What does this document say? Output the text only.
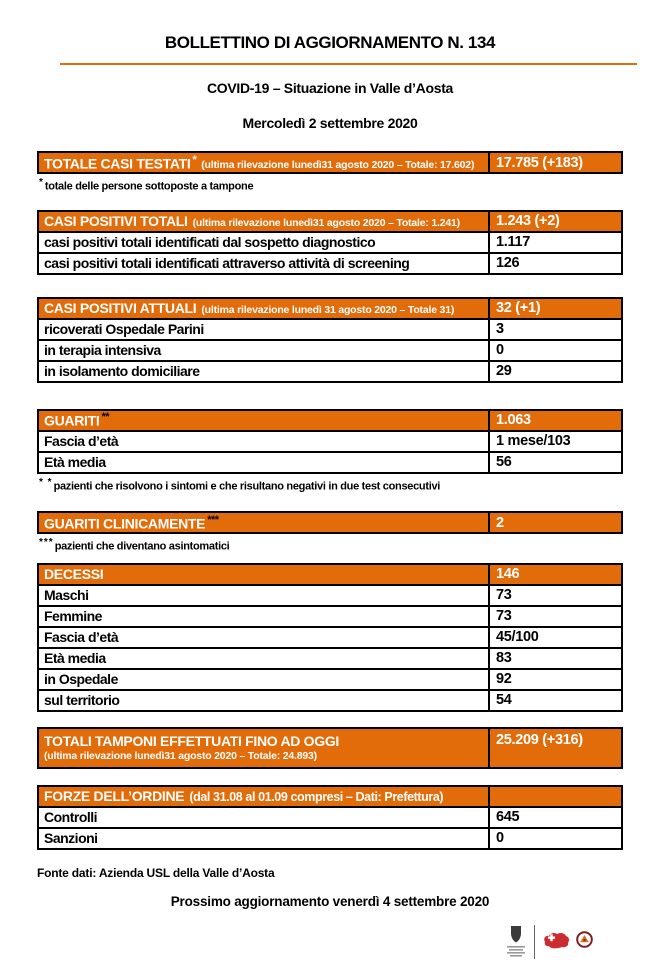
BOLLETTINO DI AGGIORNAMENTO N. 134
COVID-19 – Situazione in Valle d’Aosta
Mercoledì 2 settembre 2020
TOTALE CASI TESTATI * (ultima rilevazione lunedì31 agosto 2020 – Totale: 17.602)	17.785 (+183)
*totale delle persone sottoposte a tampone
CASI POSITIVI TOTALI (ultima rilevazione lunedì31 agosto 2020 – Totale: 1.241)	1.243 (+2)
casi positivi totali identificati dal sospetto diagnostico	1.117
casi positivi totali identificati attraverso attività di screening	126
CASI POSITIVI ATTUALI (ultima rilevazione lunedì 31 agosto 2020 – Totale 31)	32 (+1)
ricoverati Ospedale Parini	3
in terapia intensiva	0
in isolamento domiciliare	29
GUARITI **	1.063
Fascia d’età	1 mese/103
Età media	56
* *pazienti che risolvono i sintomi e che risultano negativi in due test consecutivi
GUARITI CLINICAMENTE ***	2
***pazienti che diventano asintomatici
DECESSI	146
Maschi	73
Femmine	73
Fascia d’età	45/100
Età media	83
in Ospedale	92
sul territorio	54
TOTALI TAMPONI EFFETTUATI FINO AD OGGI
(ultima rilevazione lunedì31 agosto 2020 – Totale: 24.893)
	25.209 (+316)
FORZE DELL’ORDINE (dal 31.08 al 01.09 compresi – Dati: Prefettura)	
Controlli	645
Sanzioni	0
Fonte dati: Azienda USL della Valle d’Aosta
Prossimo aggiornamento venerdì 4 settembre 2020
